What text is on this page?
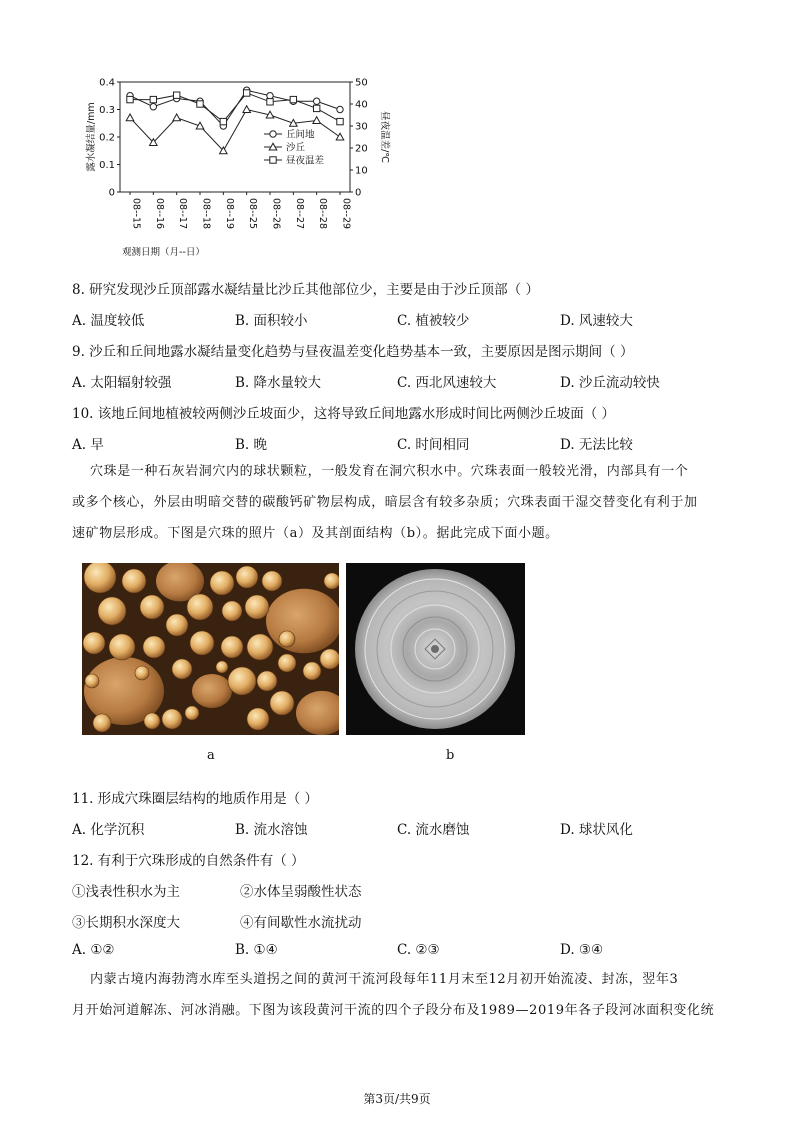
0
0.1
0.2
0.3
0.4
0
10
20
30
40
50
08--15 08--16 08--17 08--18 08--19 08--25 08--26 08--27 08--28 08--29
露水凝结量/mm	昼夜温差/℃
观测日期（月--日）
丘间地
沙丘
昼夜温差
8. 研究发现沙丘顶部露水凝结量比沙丘其他部位少，主要是由于沙丘顶部（ ）
A. 温度较低	B. 面积较小	C. 植被较少	D. 风速较大
9. 沙丘和丘间地露水凝结量变化趋势与昼夜温差变化趋势基本一致，主要原因是图示期间（ ）
A. 太阳辐射较强	B. 降水量较大	C. 西北风速较大	D. 沙丘流动较快
10. 该地丘间地植被较两侧沙丘坡面少，这将导致丘间地露水形成时间比两侧沙丘坡面（ ）
A. 早	B. 晚	C. 时间相同	D. 无法比较
穴珠是一种石灰岩洞穴内的球状颗粒，一般发育在洞穴积水中。穴珠表面一般较光滑，内部具有一个
或多个核心，外层由明暗交替的碳酸钙矿物层构成，暗层含有较多杂质；穴珠表面干湿交替变化有利于加
速矿物层形成。下图是穴珠的照片（a）及其剖面结构（b）。据此完成下面小题。
a	b
11. 形成穴珠圈层结构的地质作用是（ ）
A. 化学沉积	B. 流水溶蚀	C. 流水磨蚀	D. 球状风化
12. 有利于穴珠形成的自然条件有（ ）
①浅表性积水为主	②水体呈弱酸性状态
③长期积水深度大	④有间歇性水流扰动
A. ①②	B. ①④	C. ②③	D. ③④
内蒙古境内海勃湾水库至头道拐之间的黄河干流河段每年11月末至12月初开始流凌、封冻，翌年3
月开始河道解冻、河冰消融。下图为该段黄河干流的四个子段分布及1989—2019年各子段河冰面积变化统
第3页/共9页
